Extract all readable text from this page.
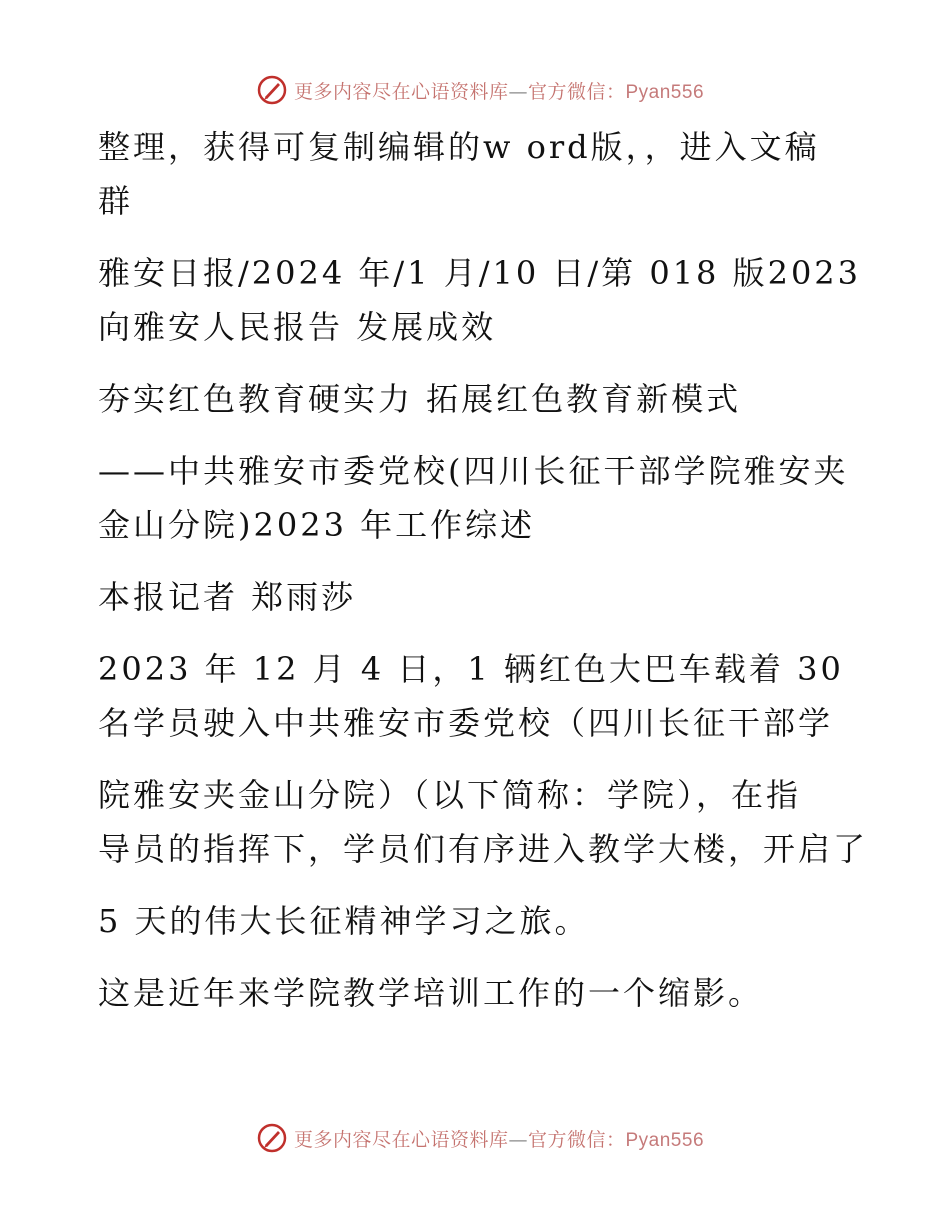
更多内容尽在心语资料库—官方微信：Pyan556
整理，获得可复制编辑的w ord版，，进入文稿
群
雅安日报/2024 年/1 月/10 日/第 018 版2023
向雅安人民报告 发展成效
夯实红色教育硬实力 拓展红色教育新模式
——中共雅安市委党校(四川长征干部学院雅安夹
金山分院)2023 年工作综述
本报记者 郑雨莎
2023 年 12 月 4 日，1 辆红色大巴车载着 30
名学员驶入中共雅安市委党校（四川长征干部学
院雅安夹金山分院）（以下简称：学院），在指
导员的指挥下，学员们有序进入教学大楼，开启了
5 天的伟大长征精神学习之旅。
这是近年来学院教学培训工作的一个缩影。
更多内容尽在心语资料库—官方微信：Pyan556
